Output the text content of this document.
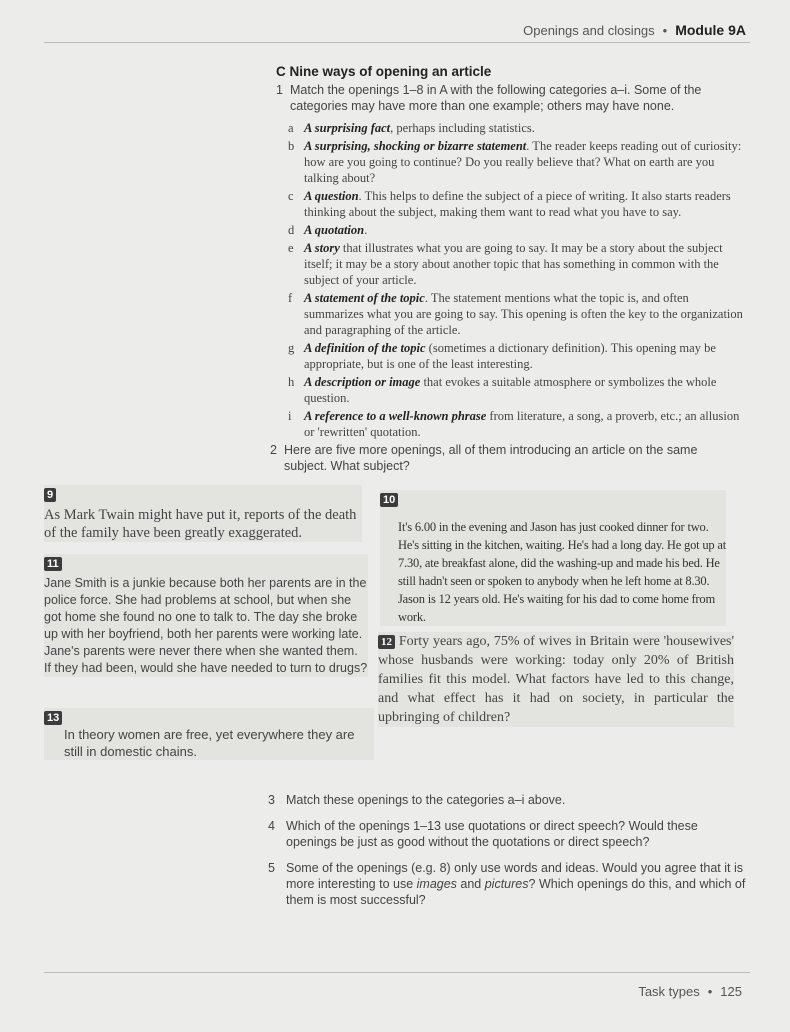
Openings and closings • Module 9A
C Nine ways of opening an article
1 Match the openings 1–8 in A with the following categories a–i. Some of the categories may have more than one example; others may have none.
a A surprising fact, perhaps including statistics.
b A surprising, shocking or bizarre statement. The reader keeps reading out of curiosity: how are you going to continue? Do you really believe that? What on earth are you talking about?
c A question. This helps to define the subject of a piece of writing. It also starts readers thinking about the subject, making them want to read what you have to say.
d A quotation.
e A story that illustrates what you are going to say. It may be a story about the subject itself; it may be a story about another topic that has something in common with the subject of your article.
f A statement of the topic. The statement mentions what the topic is, and often summarizes what you are going to say. This opening is often the key to the organization and paragraphing of the article.
g A definition of the topic (sometimes a dictionary definition). This opening may be appropriate, but is one of the least interesting.
h A description or image that evokes a suitable atmosphere or symbolizes the whole question.
i	A reference to a well-known phrase from literature, a song, a proverb, etc.; an allusion or 'rewritten' quotation.
2 Here are five more openings, all of them introducing an article on the same subject. What subject?
9

As Mark Twain might have put it, reports of the death of the family have been greatly exaggerated.

10

It's 6.00 in the evening and Jason has just cooked dinner for two. He's sitting in the kitchen, waiting. He's had a long day. He got up at 7.30, ate breakfast alone, did the washing-up and made his bed. He still hadn't seen or spoken to anybody when he left home at 8.30. Jason is 12 years old. He's waiting for his dad to come home from work.

11

Jane Smith is a junkie because both her parents are in the police force. She had problems at school, but when she got home she found no one to talk to. The day she broke up with her boyfriend, both her parents were working late. Jane's parents were never there when she wanted them. If they had been, would she have needed to turn to drugs?

12 Forty years ago, 75% of wives in Britain were 'housewives' whose husbands were working: today only 20% of British families fit this model. What factors have led to this change, and what effect has it had on society, in particular the upbringing of children?

13

In theory women are free, yet everywhere they are still in domestic chains.

3 Match these openings to the categories a–i above.
4 Which of the openings 1–13 use quotations or direct speech? Would these openings be just as good without the quotations or direct speech?
5 Some of the openings (e.g. 8) only use words and ideas. Would you agree that it is more interesting to use images and pictures? Which openings do this, and which of them is most successful?
Task types • 125
